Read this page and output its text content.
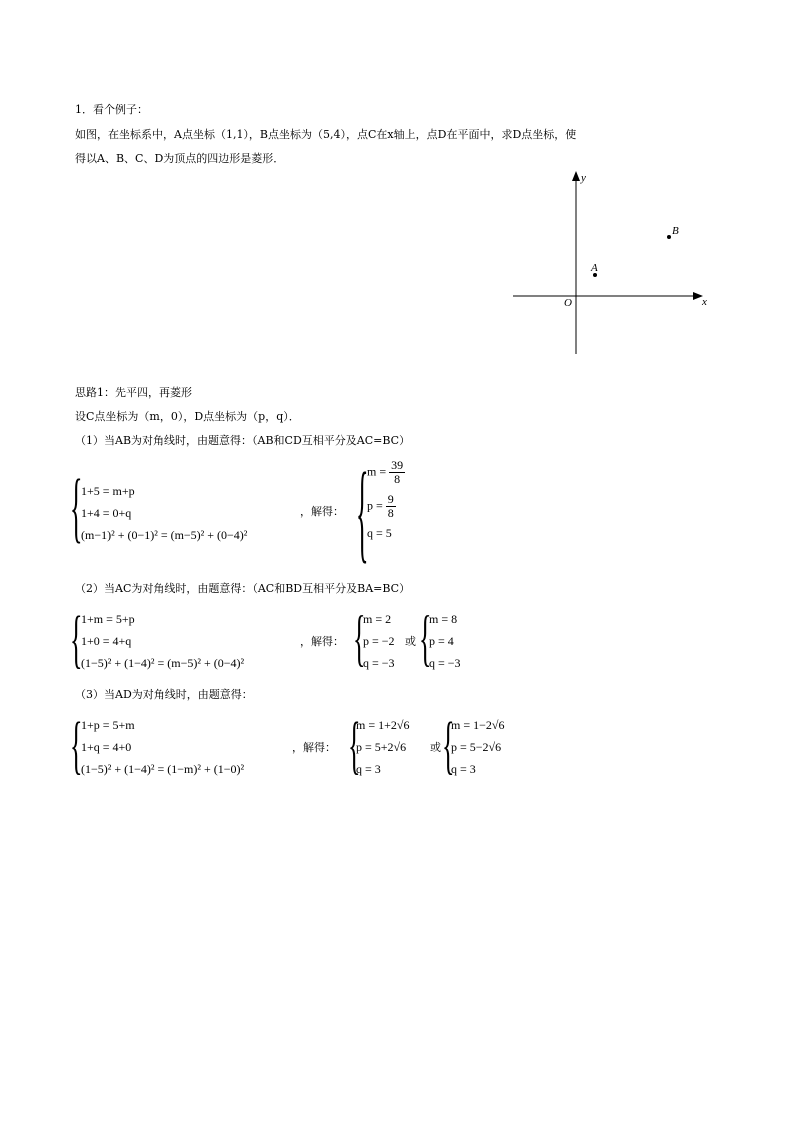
1．看个例子：
如图，在坐标系中，A点坐标（1,1），B点坐标为（5,4），点C在x轴上，点D在平面中，求D点坐标，使
得以A、B、C、D为顶点的四边形是菱形．
y
x
O
A
B
思路1：先平四，再菱形
设C点坐标为（m，0），D点坐标为（p，q）．
（1）当AB为对角线时，由题意得：（AB和CD互相平分及AC=BC）
{
1+5 = m+p
1+4 = 0+q
(m−1)² + (0−1)² = (m−5)² + (0−4)²
，解得： {
$m = \frac{39}{8}$
$p = \frac{9}{8}$
q = 5
（2）当AC为对角线时，由题意得：（AC和BD互相平分及BA=BC）
{
1+m = 5+p
1+0 = 4+q
(1−5)² + (1−4)² = (m−5)² + (0−4)²
，解得： {
m = 2
p = −2
q = −3
或 {
m = 8
p = 4
q = −3
（3）当AD为对角线时，由题意得：
{
1+p = 5+m
1+q = 4+0
(1−5)² + (1−4)² = (1−m)² + (1−0)²
，解得： {
m = 1+2√6
p = 5+2√6
q = 3
或 {
m = 1−2√6
p = 5−2√6
q = 3
